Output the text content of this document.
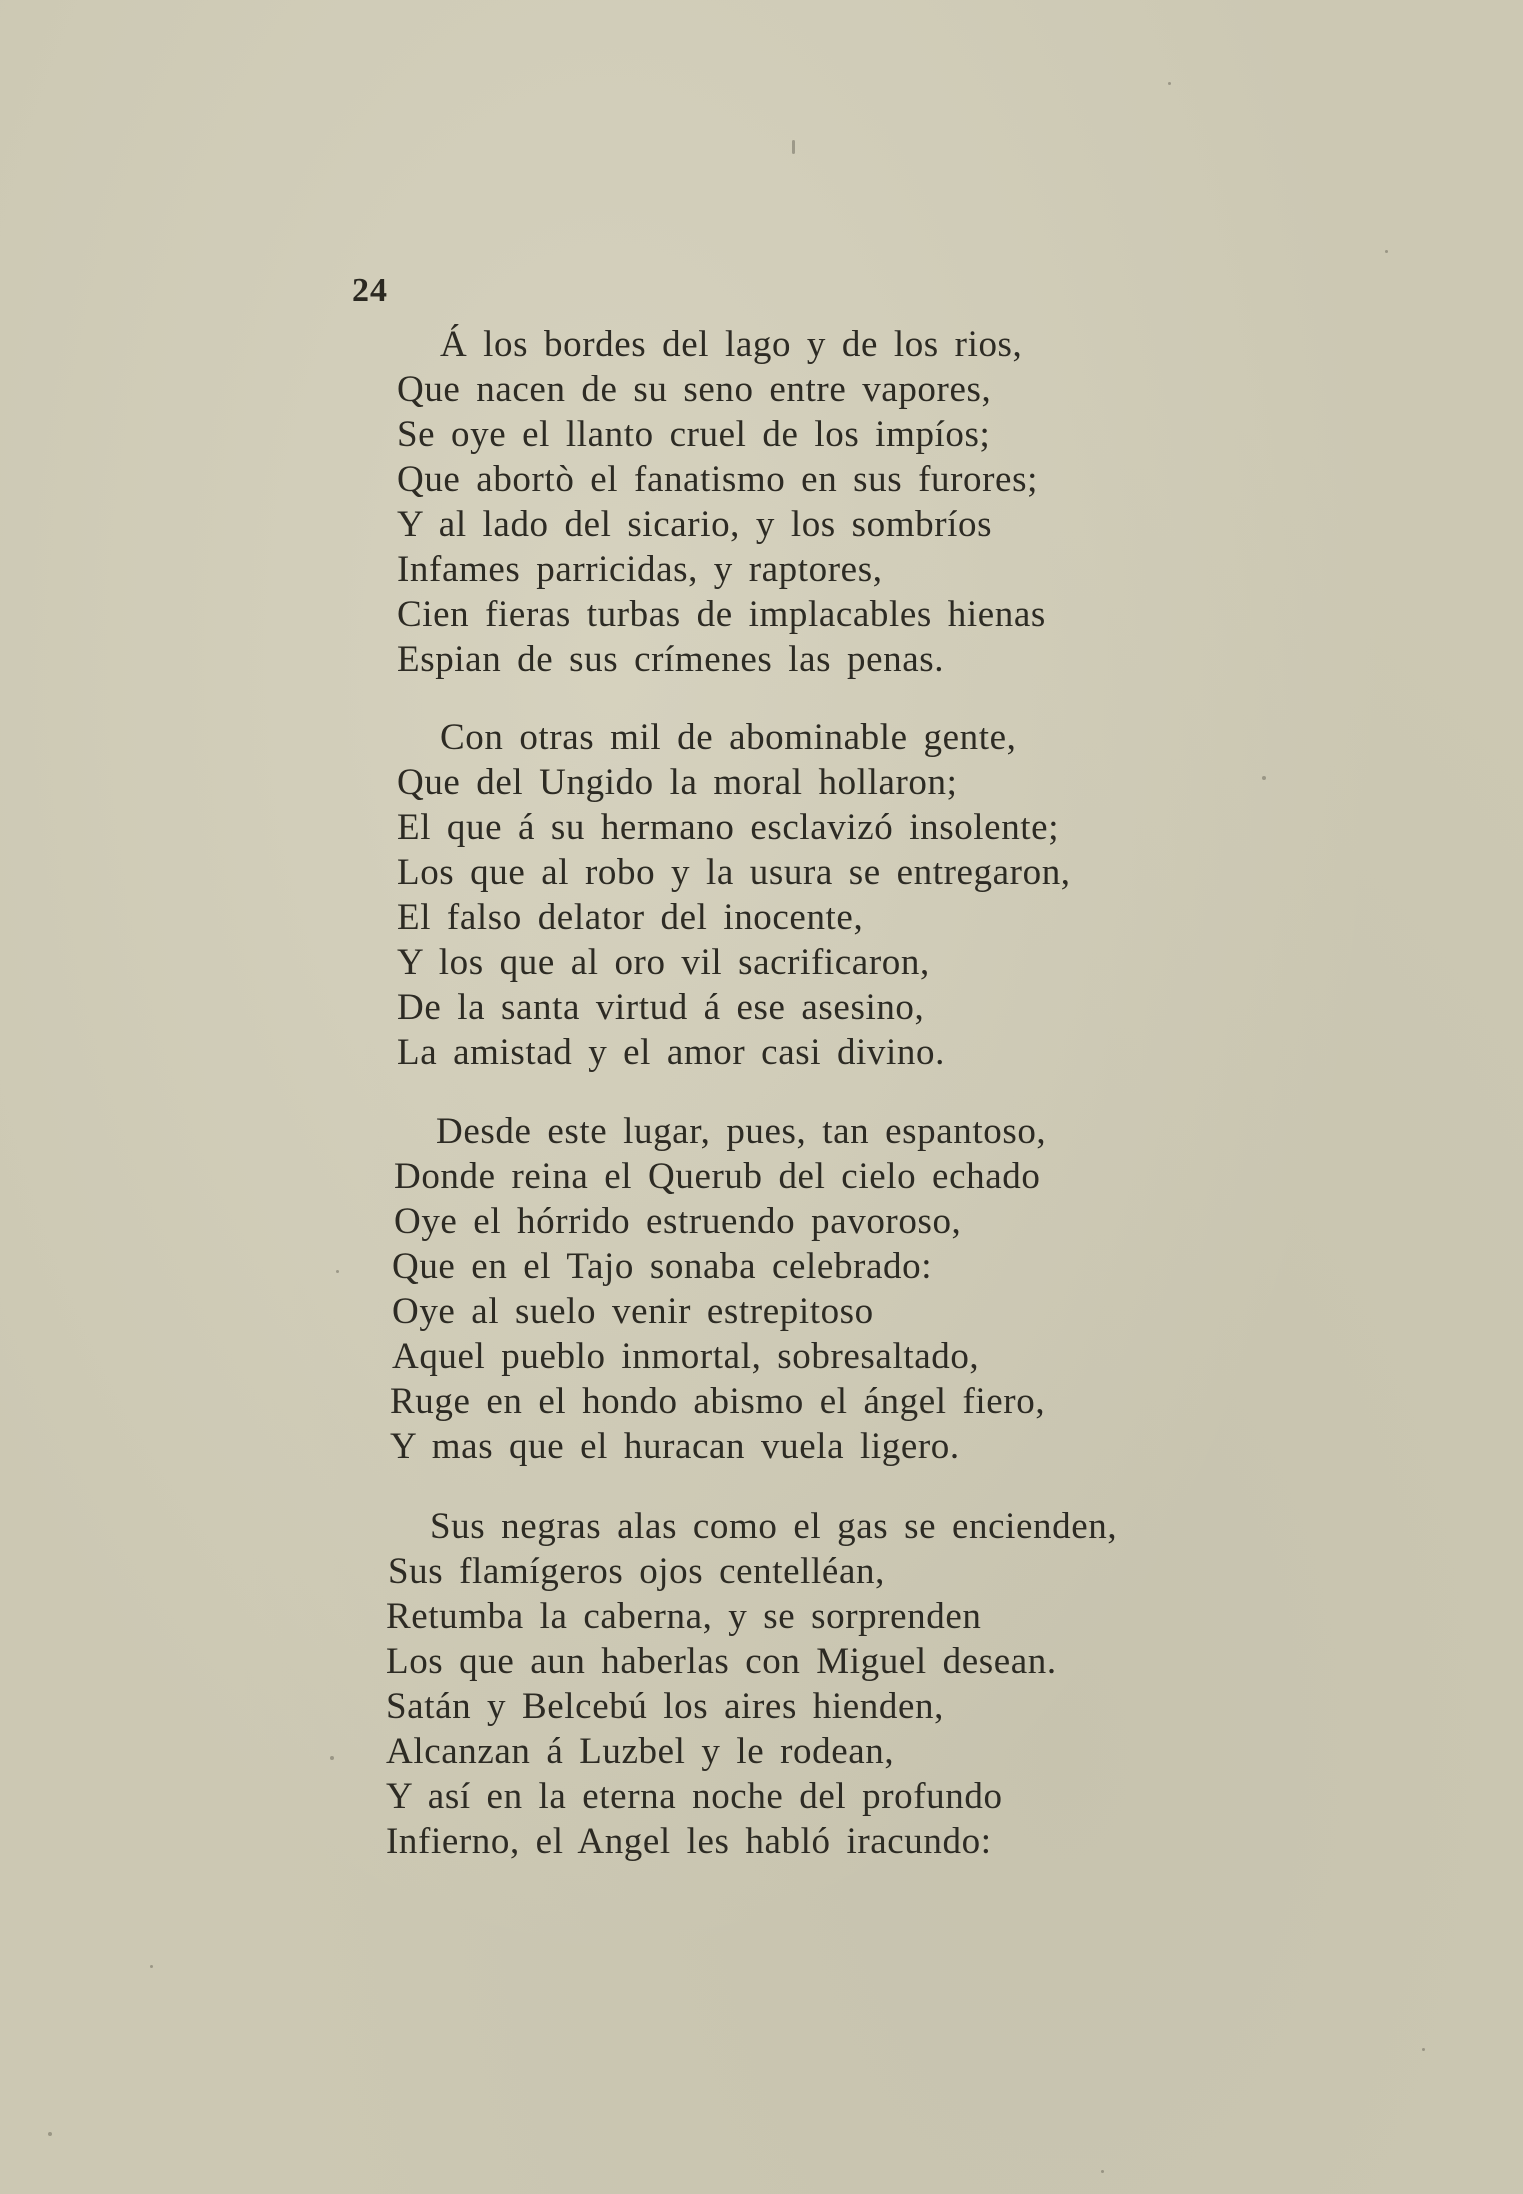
24
Á los bordes del lago y de los rios,
Que nacen de su seno entre vapores,
Se oye el llanto cruel de los impíos;
Que abortò el fanatismo en sus furores;
Y al lado del sicario, y los sombríos
Infames parricidas, y raptores,
Cien fieras turbas de implacables hienas
Espian de sus crímenes las penas.
Con otras mil de abominable gente,
Que del Ungido la moral hollaron;
El que á su hermano esclavizó insolente;
Los que al robo y la usura se entregaron,
El falso delator del inocente,
Y los que al oro vil sacrificaron,
De la santa virtud á ese asesino,
La amistad y el amor casi divino.
Desde este lugar, pues, tan espantoso,
Donde reina el Querub del cielo echado
Oye el hórrido estruendo pavoroso,
Que en el Tajo sonaba celebrado:
Oye al suelo venir estrepitoso
Aquel pueblo inmortal, sobresaltado,
Ruge en el hondo abismo el ángel fiero,
Y mas que el huracan vuela ligero.
Sus negras alas como el gas se encienden,
Sus flamígeros ojos centelléan,
Retumba la caberna, y se sorprenden
Los que aun haberlas con Miguel desean.
Satán y Belcebú los aires hienden,
Alcanzan á Luzbel y le rodean,
Y así en la eterna noche del profundo
Infierno, el Angel les habló iracundo:
